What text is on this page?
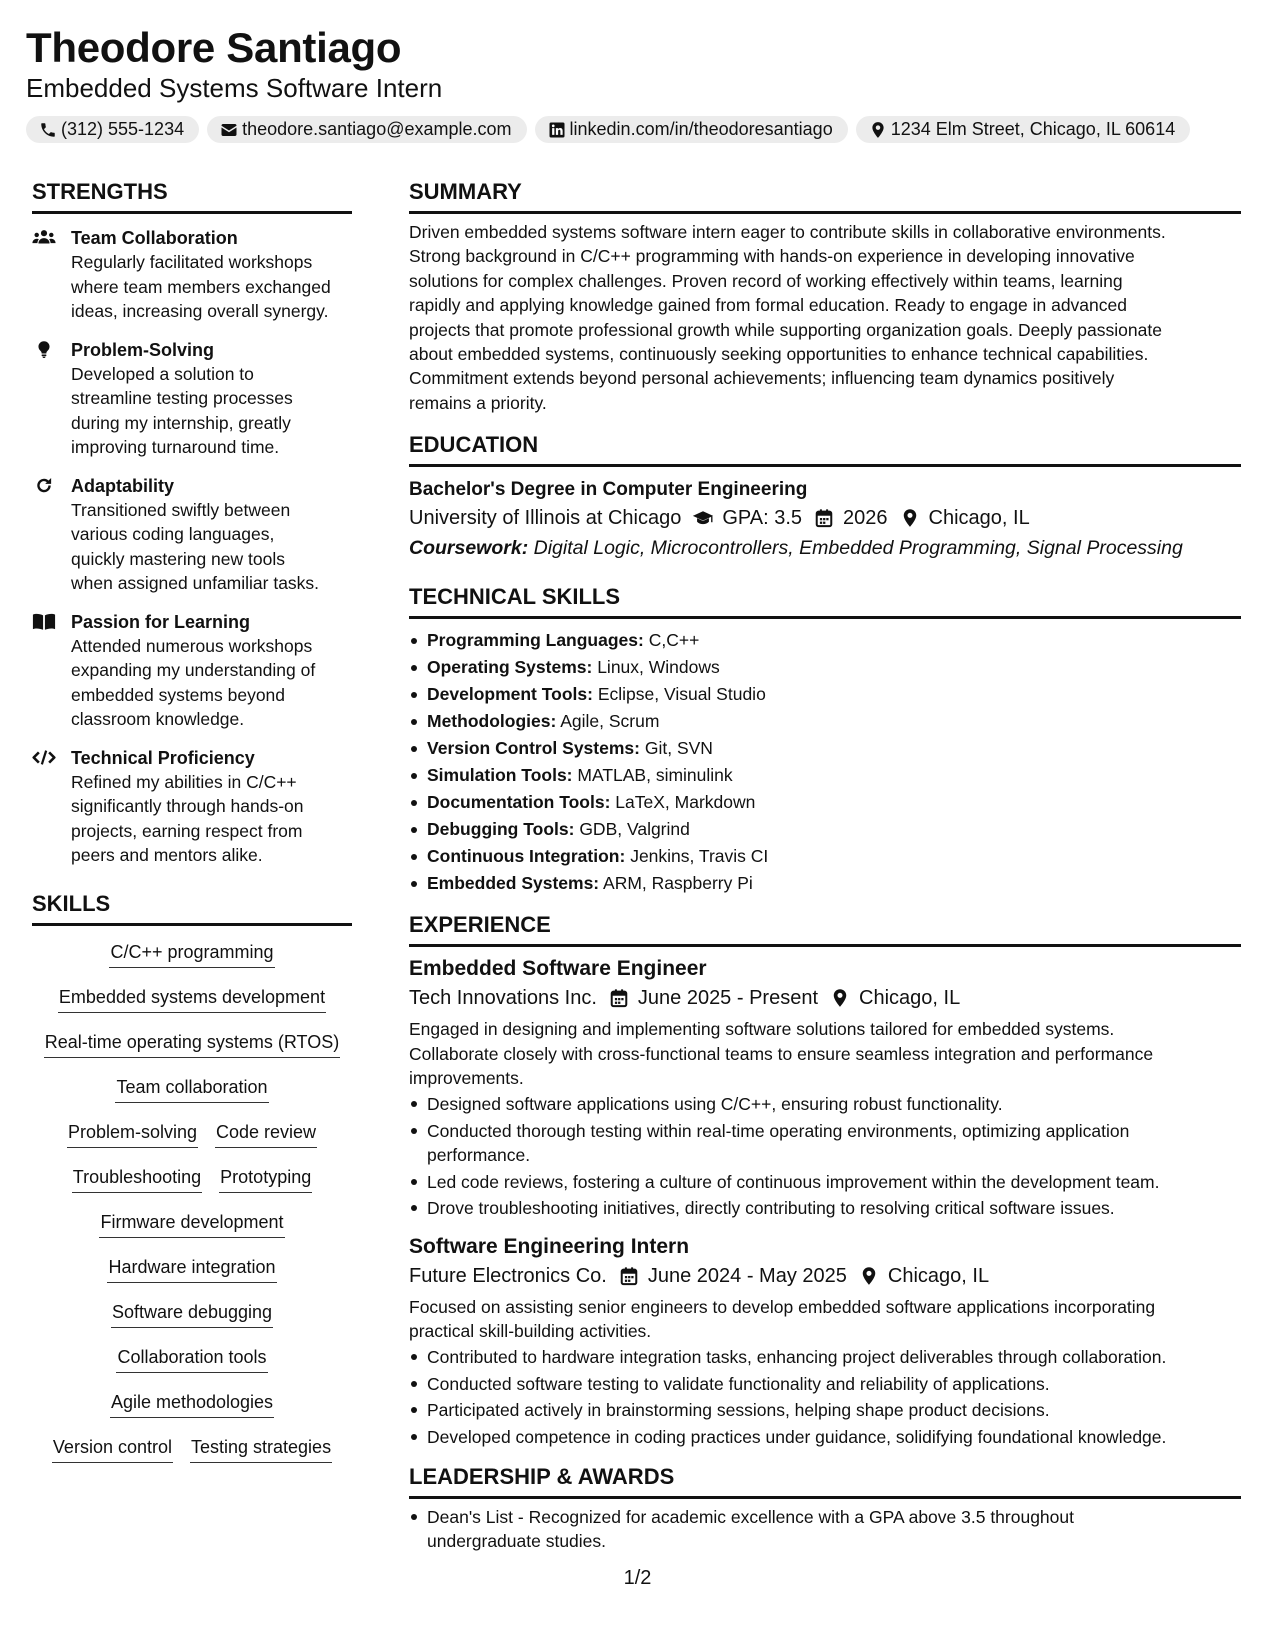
Theodore Santiago
Embedded Systems Software Intern
(312) 555-1234	theodore.santiago@example.com	linkedin.com/in/theodoresantiago	1234 Elm Street, Chicago, IL 60614
STRENGTHS
Team Collaboration
Regularly facilitated workshops
where team members exchanged
ideas, increasing overall synergy.
Problem-Solving
Developed a solution to
streamline testing processes
during my internship, greatly
improving turnaround time.
Adaptability
Transitioned swiftly between
various coding languages,
quickly mastering new tools
when assigned unfamiliar tasks.
Passion for Learning
Attended numerous workshops
expanding my understanding of
embedded systems beyond
classroom knowledge.
Technical Proficiency
Refined my abilities in C/C++
significantly through hands-on
projects, earning respect from
peers and mentors alike.
SKILLS
C/C++ programming
Embedded systems development
Real-time operating systems (RTOS)
Team collaboration
Problem-solving Code review
Troubleshooting Prototyping
Firmware development
Hardware integration
Software debugging
Collaboration tools
Agile methodologies
Version control Testing strategies
SUMMARY
Driven embedded systems software intern eager to contribute skills in collaborative environments.
Strong background in C/C++ programming with hands-on experience in developing innovative
solutions for complex challenges. Proven record of working effectively within teams, learning
rapidly and applying knowledge gained from formal education. Ready to engage in advanced
projects that promote professional growth while supporting organization goals. Deeply passionate
about embedded systems, continuously seeking opportunities to enhance technical capabilities.
Commitment extends beyond personal achievements; influencing team dynamics positively
remains a priority.
EDUCATION
Bachelor's Degree in Computer Engineering
University of Illinois at Chicago GPA: 3.5 2026 Chicago, IL
Coursework: Digital Logic, Microcontrollers, Embedded Programming, Signal Processing
TECHNICAL SKILLS
Programming Languages: C,C++
Operating Systems: Linux, Windows
Development Tools: Eclipse, Visual Studio
Methodologies: Agile, Scrum
Version Control Systems: Git, SVN
Simulation Tools: MATLAB, siminulink
Documentation Tools: LaTeX, Markdown
Debugging Tools: GDB, Valgrind
Continuous Integration: Jenkins, Travis CI
Embedded Systems: ARM, Raspberry Pi
EXPERIENCE
Embedded Software Engineer
Tech Innovations Inc. June 2025 - Present Chicago, IL
Engaged in designing and implementing software solutions tailored for embedded systems.
Collaborate closely with cross-functional teams to ensure seamless integration and performance
improvements.
Designed software applications using C/C++, ensuring robust functionality.
Conducted thorough testing within real-time operating environments, optimizing application
performance.
Led code reviews, fostering a culture of continuous improvement within the development team.
Drove troubleshooting initiatives, directly contributing to resolving critical software issues.
Software Engineering Intern
Future Electronics Co. June 2024 - May 2025 Chicago, IL
Focused on assisting senior engineers to develop embedded software applications incorporating
practical skill-building activities.
Contributed to hardware integration tasks, enhancing project deliverables through collaboration.
Conducted software testing to validate functionality and reliability of applications.
Participated actively in brainstorming sessions, helping shape product decisions.
Developed competence in coding practices under guidance, solidifying foundational knowledge.
LEADERSHIP & AWARDS
Dean's List - Recognized for academic excellence with a GPA above 3.5 throughout
undergraduate studies.
1/2
